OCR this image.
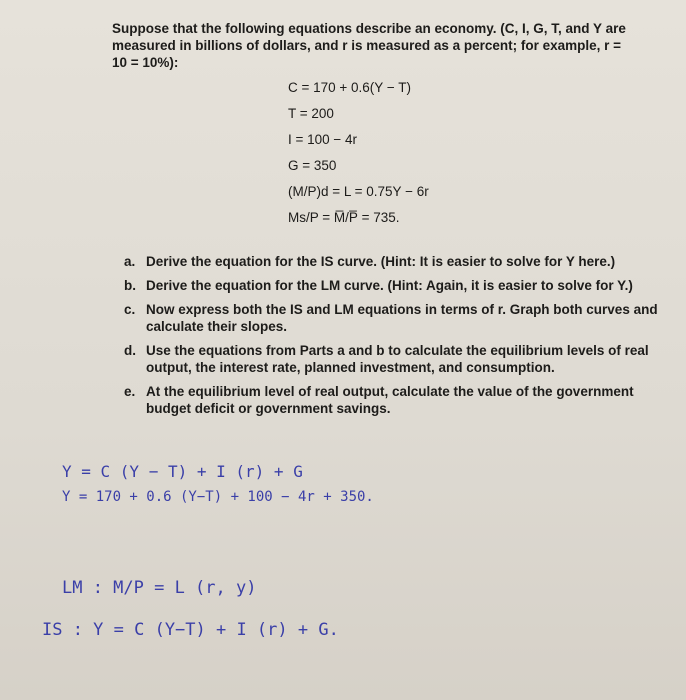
Suppose that the following equations describe an economy. (C, I, G, T, and Y are measured in billions of dollars, and r is measured as a percent; for example, r = 10 = 10%):
C = 170 + 0.6(Y − T)
T = 200
I = 100 − 4r
G = 350
(M/P)d = L = 0.75Y − 6r
Ms/P = M̅/P̅ = 735.
a. Derive the equation for the IS curve. (Hint: It is easier to solve for Y here.)
b. Derive the equation for the LM curve. (Hint: Again, it is easier to solve for Y.)
c. Now express both the IS and LM equations in terms of r. Graph both curves and calculate their slopes.
d. Use the equations from Parts a and b to calculate the equilibrium levels of real output, the interest rate, planned investment, and consumption.
e. At the equilibrium level of real output, calculate the value of the government budget deficit or government savings.
Y = C (Y − T) + I (r) + G
Y = 170 + 0.6 (Y−T) + 100 − 4r + 350.
LM : M/P = L (r, y)
IS : Y = C (Y−T) + I (r) + G.
